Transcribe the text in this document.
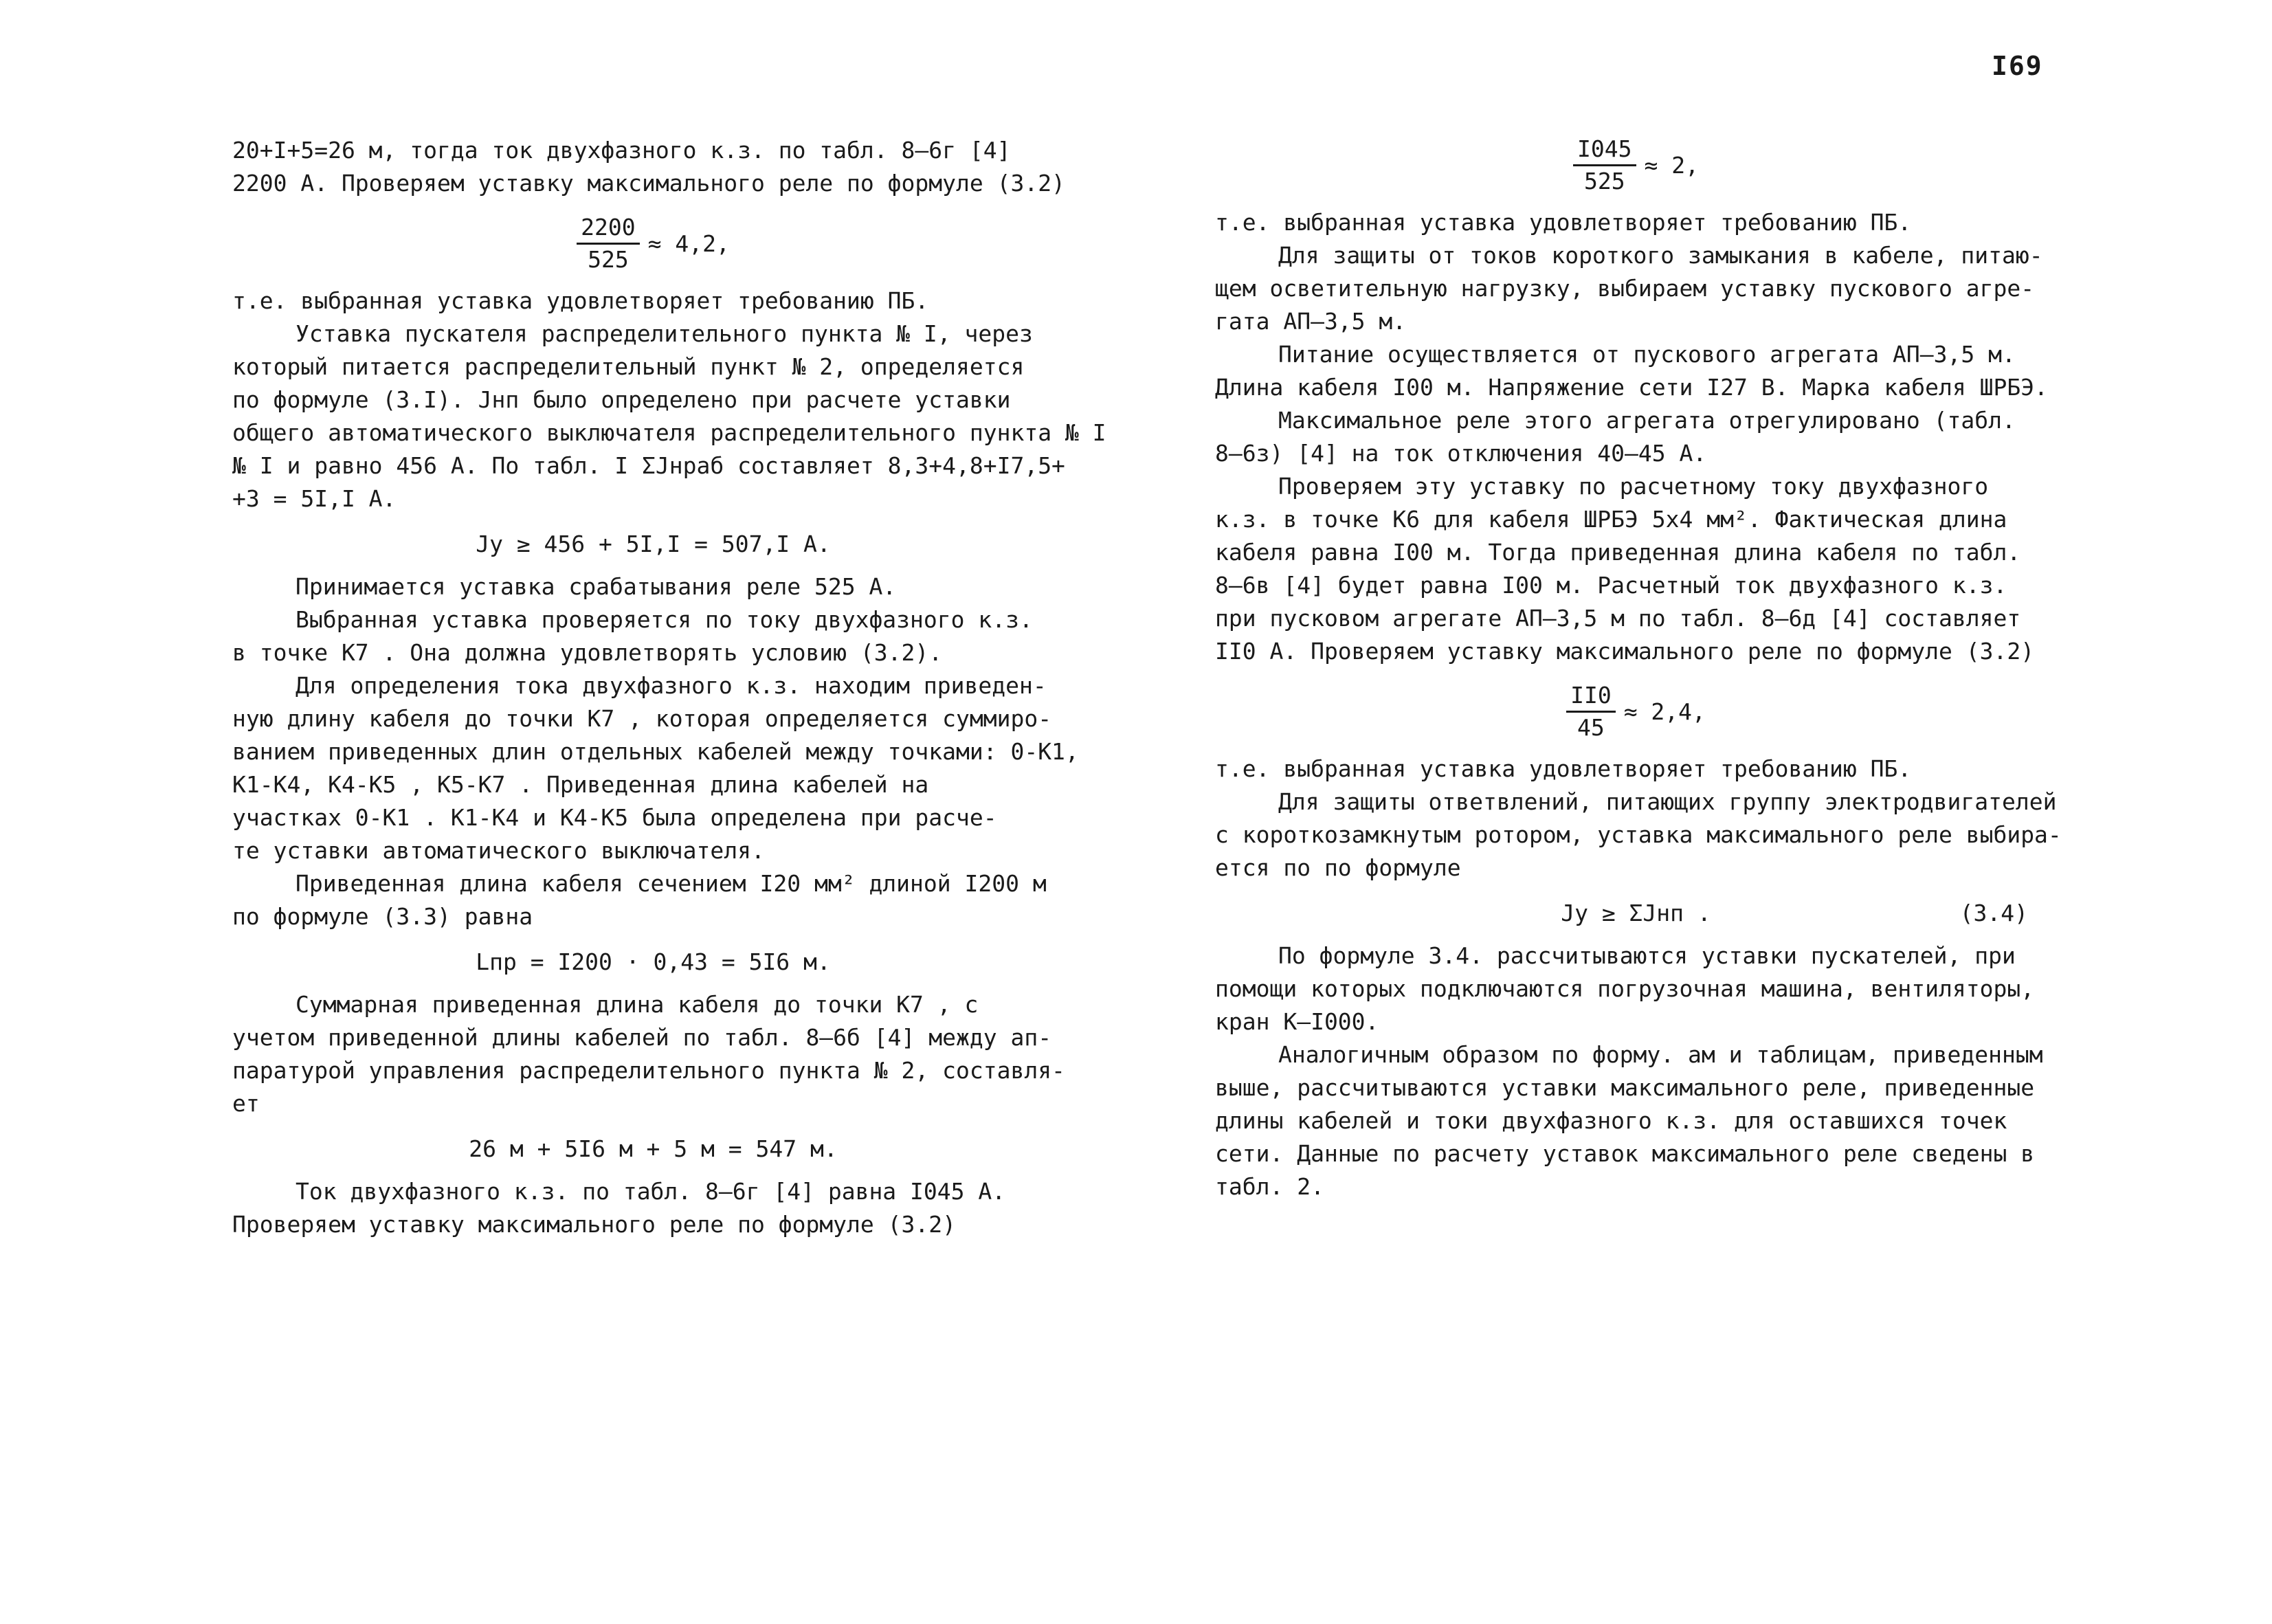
I69
20+I+5=26 м, тогда ток двухфазного к.з. по табл. 8–6г [4]
2200 А. Проверяем уставку максимального реле по формуле (3.2)
$\frac{2200}{525} \approx 4,2$,
т.е. выбранная уставка удовлетворяет требованию ПБ.
Уставка пускателя распределительного пункта № I, через
который питается распределительный пункт № 2, определяется
по формуле (3.I). Jнп было определено при расчете уставки
общего автоматического выключателя распределительного пункта № I
№ I и равно 456 А. По табл. I ΣJнраб составляет 8,3+4,8+I7,5+
+3 = 5I,I А.
Jу ≥ 456 + 5I,I = 507,I А.
Принимается уставка срабатывания реле 525 А.
Выбранная уставка проверяется по току двухфазного к.з.
в точке К7 . Она должна удовлетворять условию (3.2).
Для определения тока двухфазного к.з. находим приведен-
ную длину кабеля до точки К7 , которая определяется суммиро-
ванием приведенных длин отдельных кабелей между точками: 0-К1,
К1-К4, К4-К5 , К5-К7 . Приведенная длина кабелей на
участках 0-К1 . К1-К4 и К4-К5 была определена при расче-
те уставки автоматического выключателя.
Приведенная длина кабеля сечением I20 мм² длиной I200 м
по формуле (3.3) равна
Lпр = I200 · 0,43 = 5I6 м.
Суммарная приведенная длина кабеля до точки К7 , с
учетом приведенной длины кабелей по табл. 8–6б [4] между ап-
паратурой управления распределительного пункта № 2, составля-
ет
26 м + 5I6 м + 5 м = 547 м.
Ток двухфазного к.з. по табл. 8–6г [4] равна I045 А.
Проверяем уставку максимального реле по формуле (3.2)
$\frac{I045}{525} \approx 2$,
т.е. выбранная уставка удовлетворяет требованию ПБ.
Для защиты от токов короткого замыкания в кабеле, питаю-
щем осветительную нагрузку, выбираем уставку пускового агре-
гата АП–3,5 м.
Питание осуществляется от пускового агрегата АП–3,5 м.
Длина кабеля I00 м. Напряжение сети I27 В. Марка кабеля ШРБЭ.
Максимальное реле этого агрегата отрегулировано (табл.
8–6з) [4] на ток отключения 40–45 А.
Проверяем эту уставку по расчетному току двухфазного
к.з. в точке К6 для кабеля ШРБЭ 5х4 мм². Фактическая длина
кабеля равна I00 м. Тогда приведенная длина кабеля по табл.
8–6в [4] будет равна I00 м. Расчетный ток двухфазного к.з.
при пусковом агрегате АП–3,5 м по табл. 8–6д [4] составляет
II0 А. Проверяем уставку максимального реле по формуле (3.2)
$\frac{II0}{45} \approx 2,4$,
т.е. выбранная уставка удовлетворяет требованию ПБ.
Для защиты ответвлений, питающих группу электродвигателей
с короткозамкнутым ротором, уставка максимального реле выбира-
ется по по формуле
Jу ≥ ΣJнп .	(3.4)
По формуле 3.4. рассчитываются уставки пускателей, при
помощи которых подключаются погрузочная машина, вентиляторы,
кран К–I000.
Аналогичным образом по форму. ам и таблицам, приведенным
выше, рассчитываются уставки максимального реле, приведенные
длины кабелей и токи двухфазного к.з. для оставшихся точек
сети. Данные по расчету уставок максимального реле сведены в
табл. 2.
